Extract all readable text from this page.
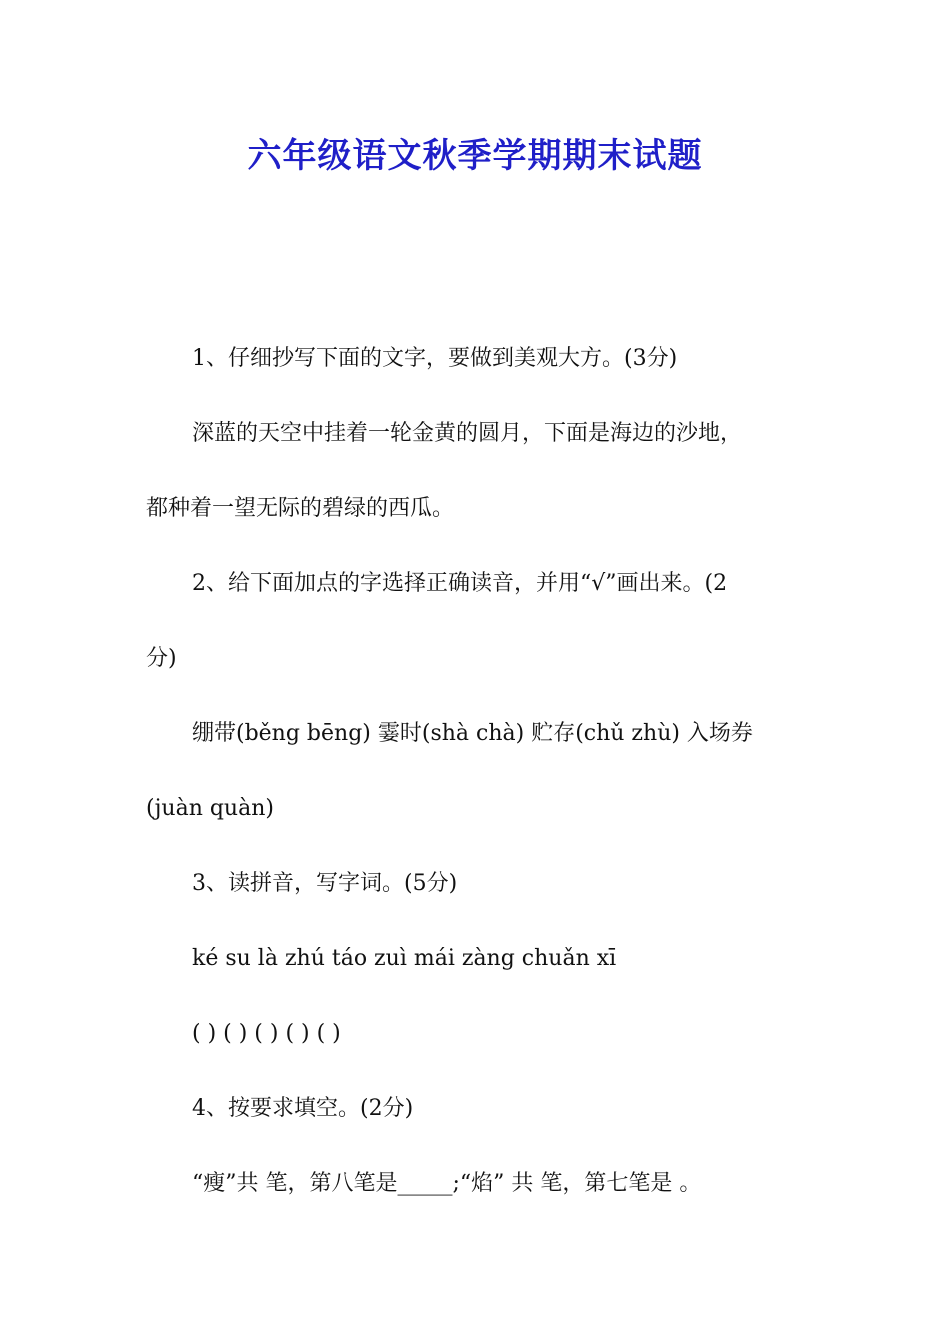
六年级语文秋季学期期末试题

1、仔细抄写下面的文字，要做到美观大方。(3分)

深蓝的天空中挂着一轮金黄的圆月，下面是海边的沙地，

都种着一望无际的碧绿的西瓜。

2、给下面加点的字选择正确读音，并用“√”画出来。(2

分)

绷带(běng bēng) 霎时(shà chà) 贮存(chǔ zhù) 入场券

(juàn quàn)

3、读拼音，写字词。(5分)

ké su là zhú táo zuì mái zàng chuǎn xī

( ) ( ) ( ) ( ) ( )

4、按要求填空。(2分)

“瘦”共 笔，第八笔是_____;“焰” 共 笔，第七笔是 。
